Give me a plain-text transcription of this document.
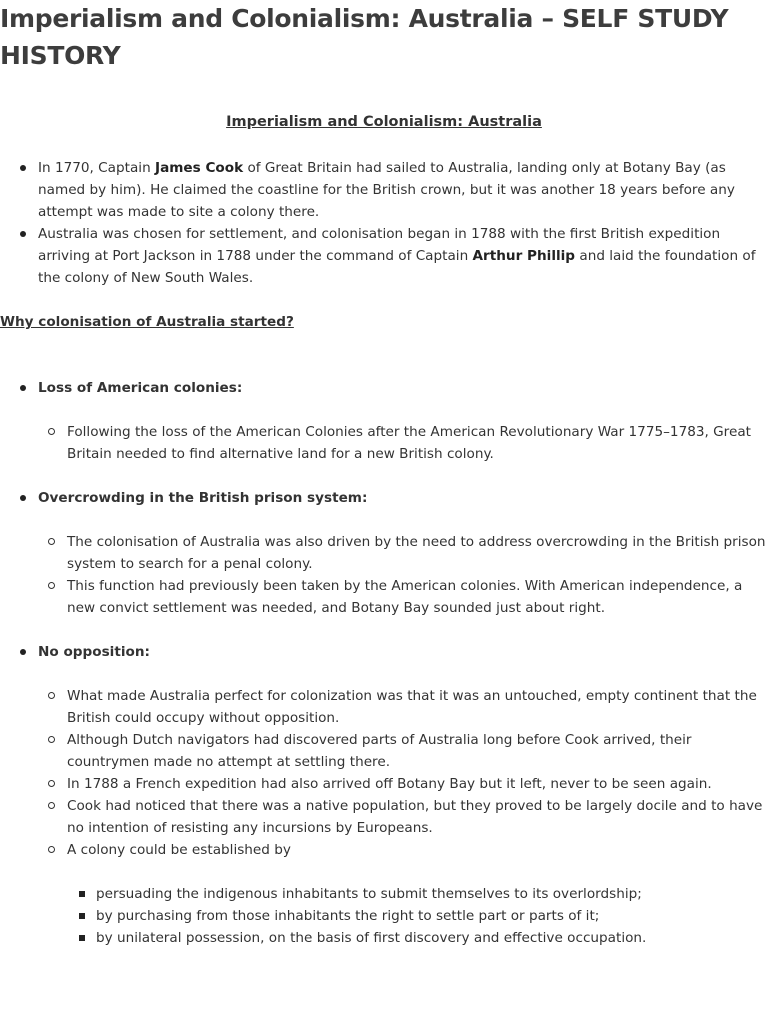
Imperialism and Colonialism: Australia – SELF STUDY HISTORY
Imperialism and Colonialism: Australia
In 1770, Captain James Cook of Great Britain had sailed to Australia, landing only at Botany Bay (as named by him). He claimed the coastline for the British crown, but it was another 18 years before any attempt was made to site a colony there.
Australia was chosen for settlement, and colonisation began in 1788 with the first British expedition arriving at Port Jackson in 1788 under the command of Captain Arthur Phillip and laid the foundation of the colony of New South Wales.
Why colonisation of Australia started?
Loss of American colonies:
Following the loss of the American Colonies after the American Revolutionary War 1775–1783, Great Britain needed to find alternative land for a new British colony.
Overcrowding in the British prison system:
The colonisation of Australia was also driven by the need to address overcrowding in the British prison system to search for a penal colony.
This function had previously been taken by the American colonies. With American independence, a new convict settlement was needed, and Botany Bay sounded just about right.
No opposition:
What made Australia perfect for colonization was that it was an untouched, empty continent that the British could occupy without opposition.
Although Dutch navigators had discovered parts of Australia long before Cook arrived, their countrymen made no attempt at settling there.
In 1788 a French expedition had also arrived off Botany Bay but it left, never to be seen again.
Cook had noticed that there was a native population, but they proved to be largely docile and to have no intention of resisting any incursions by Europeans.
A colony could be established by
persuading the indigenous inhabitants to submit themselves to its overlordship;
by purchasing from those inhabitants the right to settle part or parts of it;
by unilateral possession, on the basis of first discovery and effective occupation.
